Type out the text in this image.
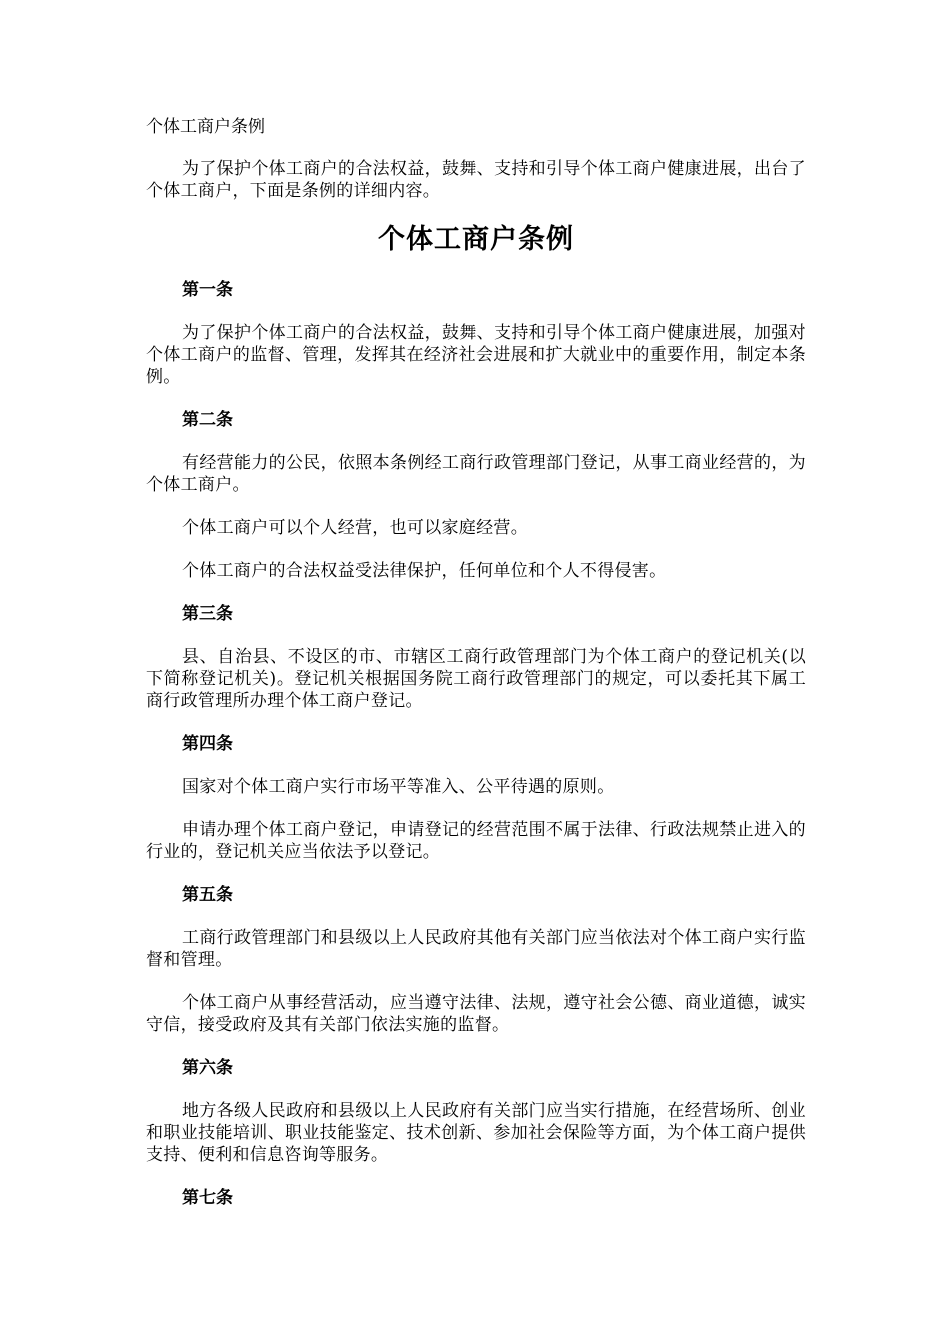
个体工商户条例

为了保护个体工商户的合法权益，鼓舞、支持和引导个体工商户健康进展，出台了个体工商户，下面是条例的详细内容。

个体工商户条例
第一条

为了保护个体工商户的合法权益，鼓舞、支持和引导个体工商户健康进展，加强对个体工商户的监督、管理，发挥其在经济社会进展和扩大就业中的重要作用，制定本条例。

第二条

有经营能力的公民，依照本条例经工商行政管理部门登记，从事工商业经营的，为个体工商户。

个体工商户可以个人经营，也可以家庭经营。

个体工商户的合法权益受法律保护，任何单位和个人不得侵害。

第三条

县、自治县、不设区的市、市辖区工商行政管理部门为个体工商户的登记机关(以下简称登记机关)。登记机关根据国务院工商行政管理部门的规定，可以委托其下属工商行政管理所办理个体工商户登记。

第四条

国家对个体工商户实行市场平等准入、公平待遇的原则。

申请办理个体工商户登记，申请登记的经营范围不属于法律、行政法规禁止进入的行业的，登记机关应当依法予以登记。

第五条

工商行政管理部门和县级以上人民政府其他有关部门应当依法对个体工商户实行监督和管理。

个体工商户从事经营活动，应当遵守法律、法规，遵守社会公德、商业道德，诚实守信，接受政府及其有关部门依法实施的监督。

第六条

地方各级人民政府和县级以上人民政府有关部门应当实行措施，在经营场所、创业和职业技能培训、职业技能鉴定、技术创新、参加社会保险等方面，为个体工商户提供支持、便利和信息咨询等服务。

第七条
